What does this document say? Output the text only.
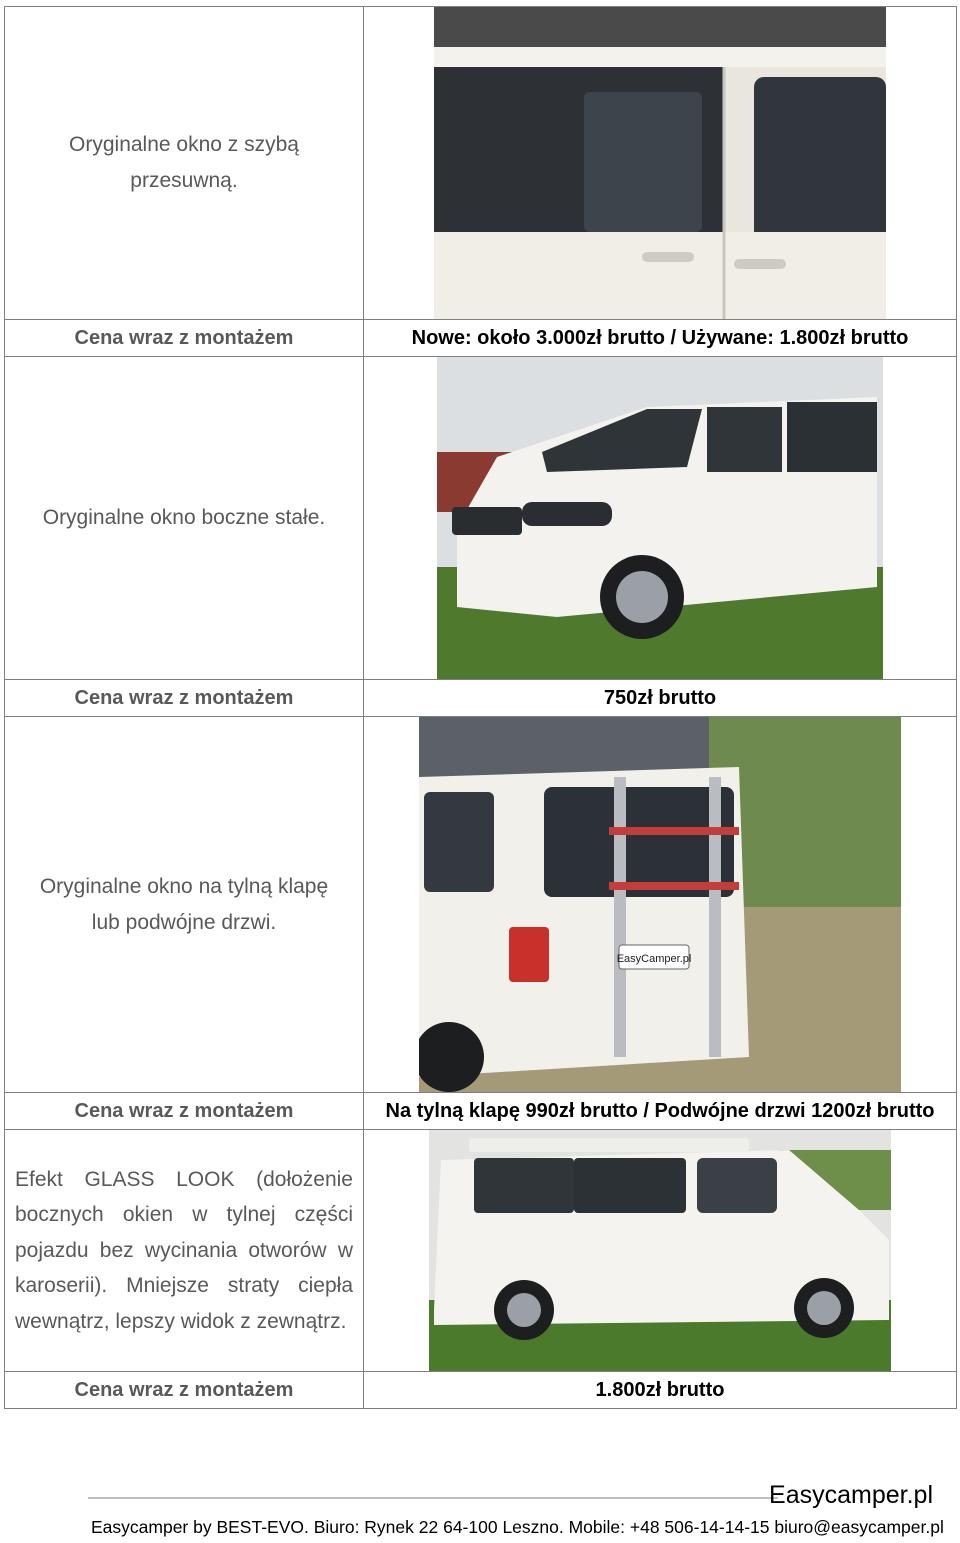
Oryginalne okno z szybą przesuwną.

Cena wraz z montażem	Nowe: około 3.000zł brutto / Używane: 1.800zł brutto

Oryginalne okno boczne stałe.

Cena wraz z montażem	750zł brutto

Oryginalne okno na tylną klapę lub podwójne drzwi.	EasyCamper.pl

Cena wraz z montażem	Na tylną klapę 990zł brutto / Podwójne drzwi 1200zł brutto

Efekt GLASS LOOK (dołożenie bocznych okien w tylnej części pojazdu bez wycinania otworów w karoserii). Mniejsze straty ciepła wewnątrz, lepszy widok z zewnątrz.

Cena wraz z montażem	1.800zł brutto
Easycamper.pl
Easycamper by BEST-EVO. Biuro: Rynek 22 64-100 Leszno. Mobile: +48 506-14-14-15 biuro@easycamper.pl
